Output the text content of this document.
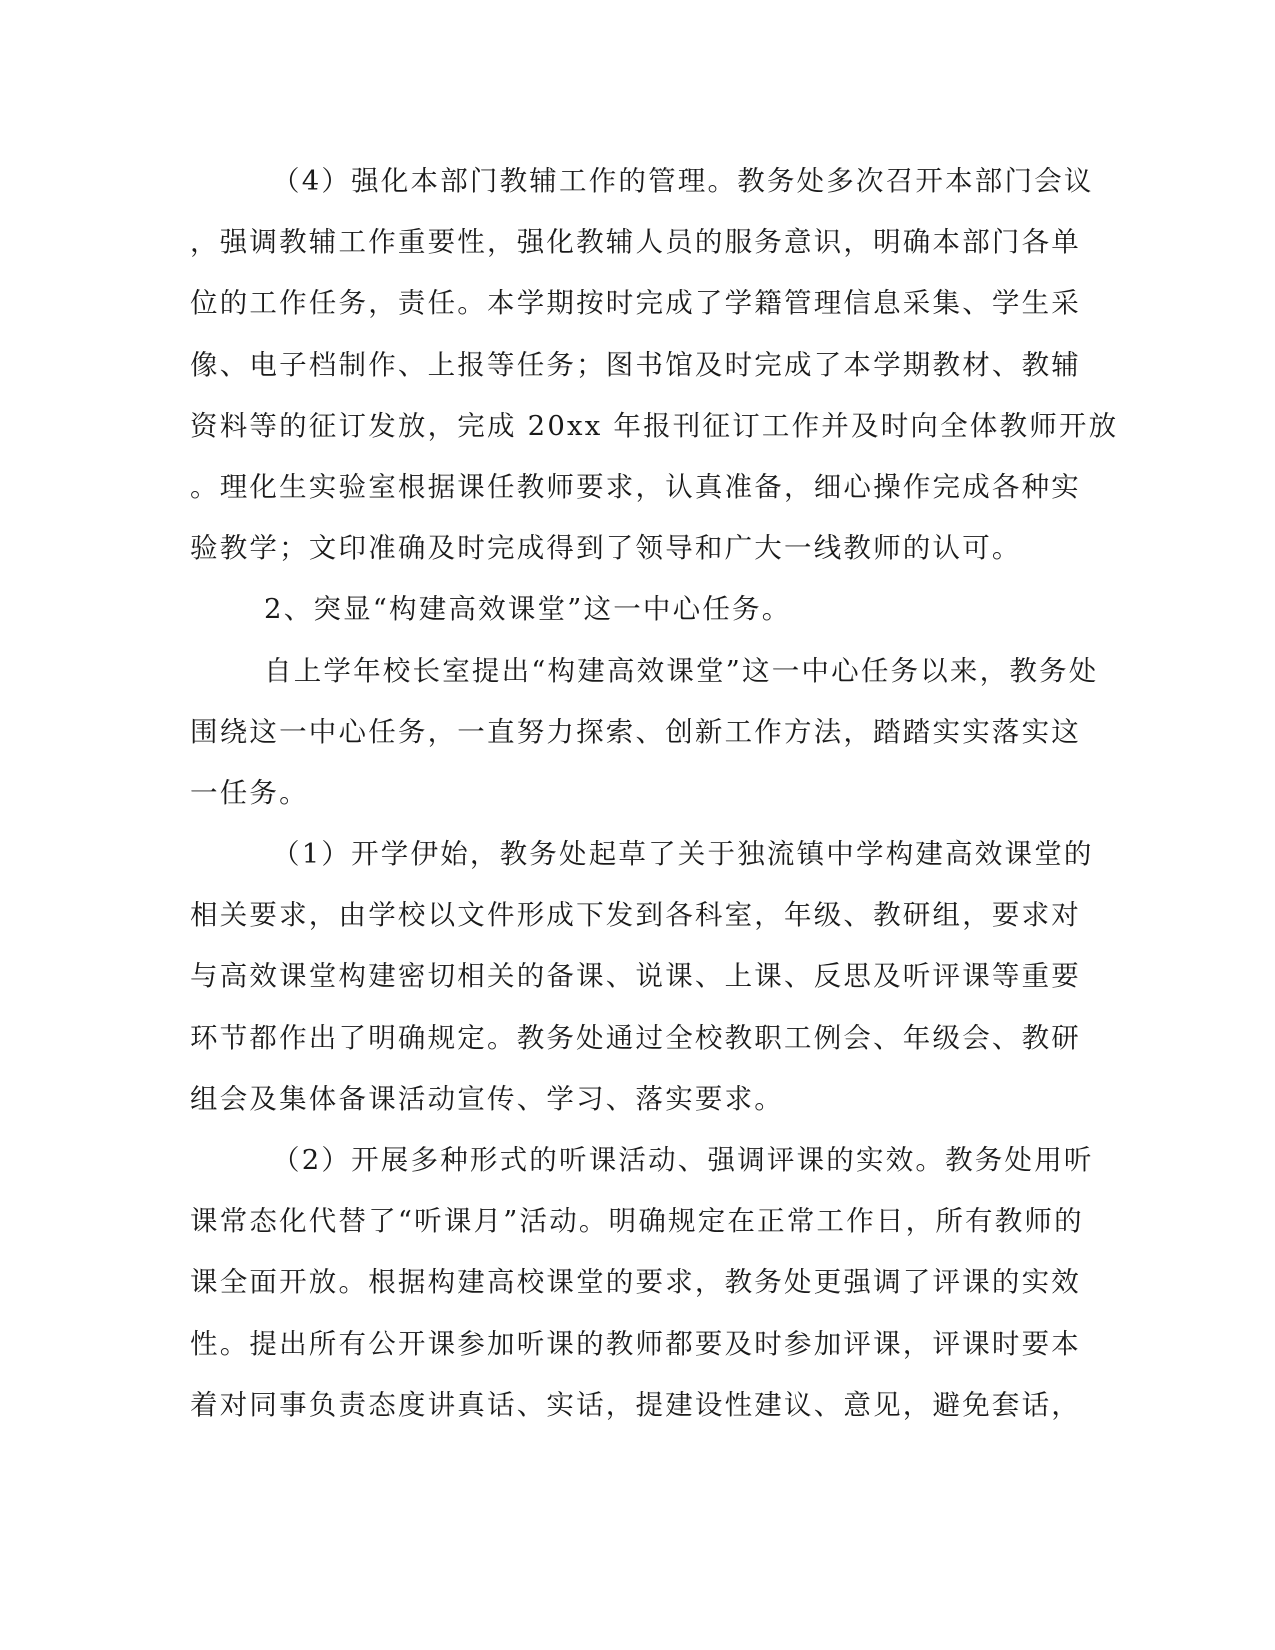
（4）强化本部门教辅工作的管理。教务处多次召开本部门会议
，强调教辅工作重要性，强化教辅人员的服务意识，明确本部门各单
位的工作任务，责任。本学期按时完成了学籍管理信息采集、学生采
像、电子档制作、上报等任务；图书馆及时完成了本学期教材、教辅
资料等的征订发放，完成 20xx 年报刊征订工作并及时向全体教师开放
。理化生实验室根据课任教师要求，认真准备，细心操作完成各种实
验教学；文印准确及时完成得到了领导和广大一线教师的认可。
2、突显“构建高效课堂”这一中心任务。
自上学年校长室提出“构建高效课堂”这一中心任务以来，教务处
围绕这一中心任务，一直努力探索、创新工作方法，踏踏实实落实这
一任务。
（1）开学伊始，教务处起草了关于独流镇中学构建高效课堂的
相关要求，由学校以文件形成下发到各科室，年级、教研组，要求对
与高效课堂构建密切相关的备课、说课、上课、反思及听评课等重要
环节都作出了明确规定。教务处通过全校教职工例会、年级会、教研
组会及集体备课活动宣传、学习、落实要求。
（2）开展多种形式的听课活动、强调评课的实效。教务处用听
课常态化代替了“听课月”活动。明确规定在正常工作日，所有教师的
课全面开放。根据构建高校课堂的要求，教务处更强调了评课的实效
性。提出所有公开课参加听课的教师都要及时参加评课，评课时要本
着对同事负责态度讲真话、实话，提建设性建议、意见，避免套话，
